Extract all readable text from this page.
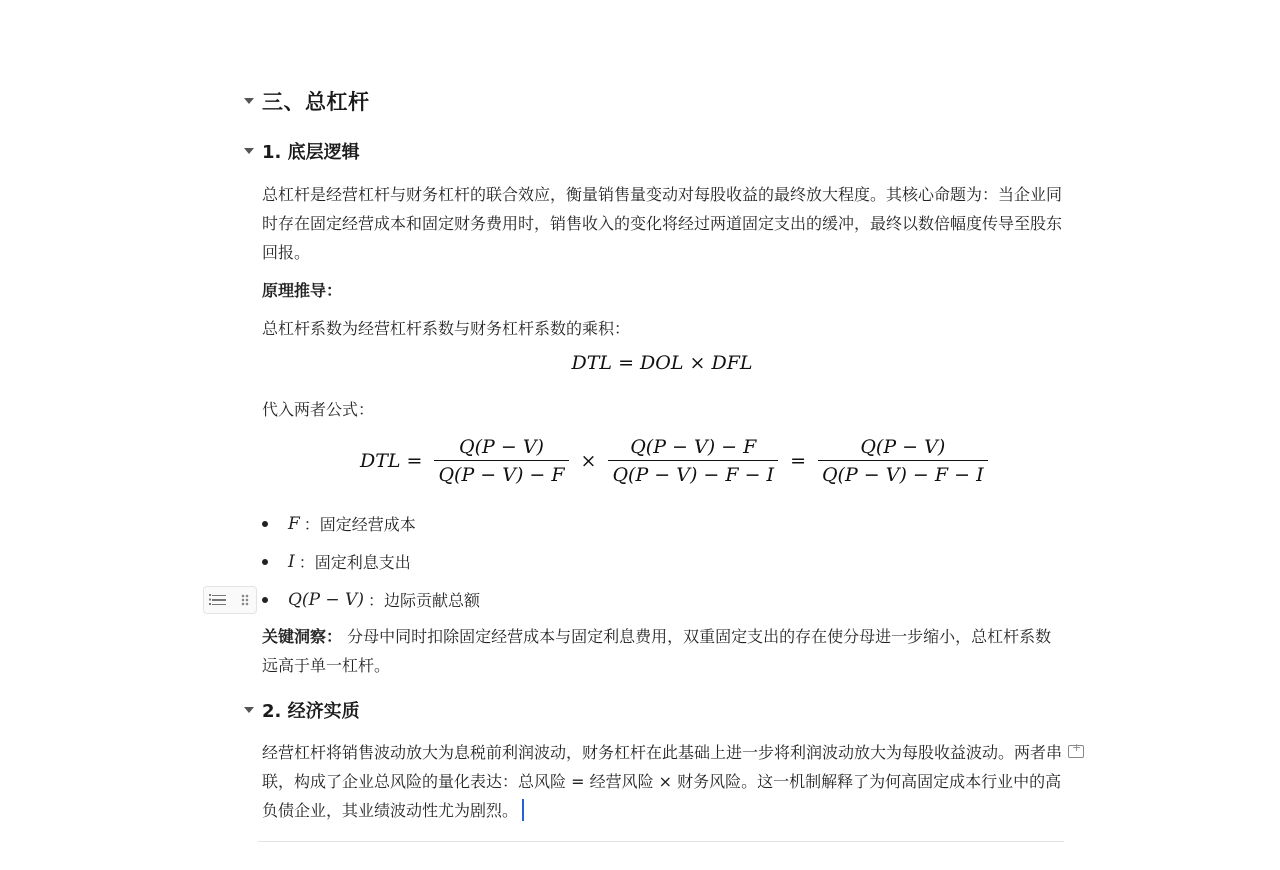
三、总杠杆
1. 底层逻辑
总杠杆是经营杠杆与财务杠杆的联合效应，衡量销售量变动对每股收益的最终放大程度。其核心命题为：当企业同时存在固定经营成本和固定财务费用时，销售收入的变化将经过两道固定支出的缓冲，最终以数倍幅度传导至股东回报。
原理推导：
总杠杆系数为经营杠杆系数与财务杠杆系数的乘积：
DTL = DOL × DFL
代入两者公式：
DTL = $\frac{Q(P - V)}{Q(P - V) - F} \times \frac{Q(P - V) - F}{Q(P - V) - F - I} = \frac{Q(P - V)}{Q(P - V) - F - I}$
F ：固定经营成本
I ：固定利息支出
Q(P − V) ：边际贡献总额
关键洞察： 分母中同时扣除固定经营成本与固定利息费用，双重固定支出的存在使分母进一步缩小，总杠杆系数远高于单一杠杆。
2. 经济实质
经营杠杆将销售波动放大为息税前利润波动，财务杠杆在此基础上进一步将利润波动放大为每股收益波动。两者串联，构成了企业总风险的量化表达：总风险 = 经营风险 × 财务风险。这一机制解释了为何高固定成本行业中的高负债企业，其业绩波动性尤为剧烈。
+
